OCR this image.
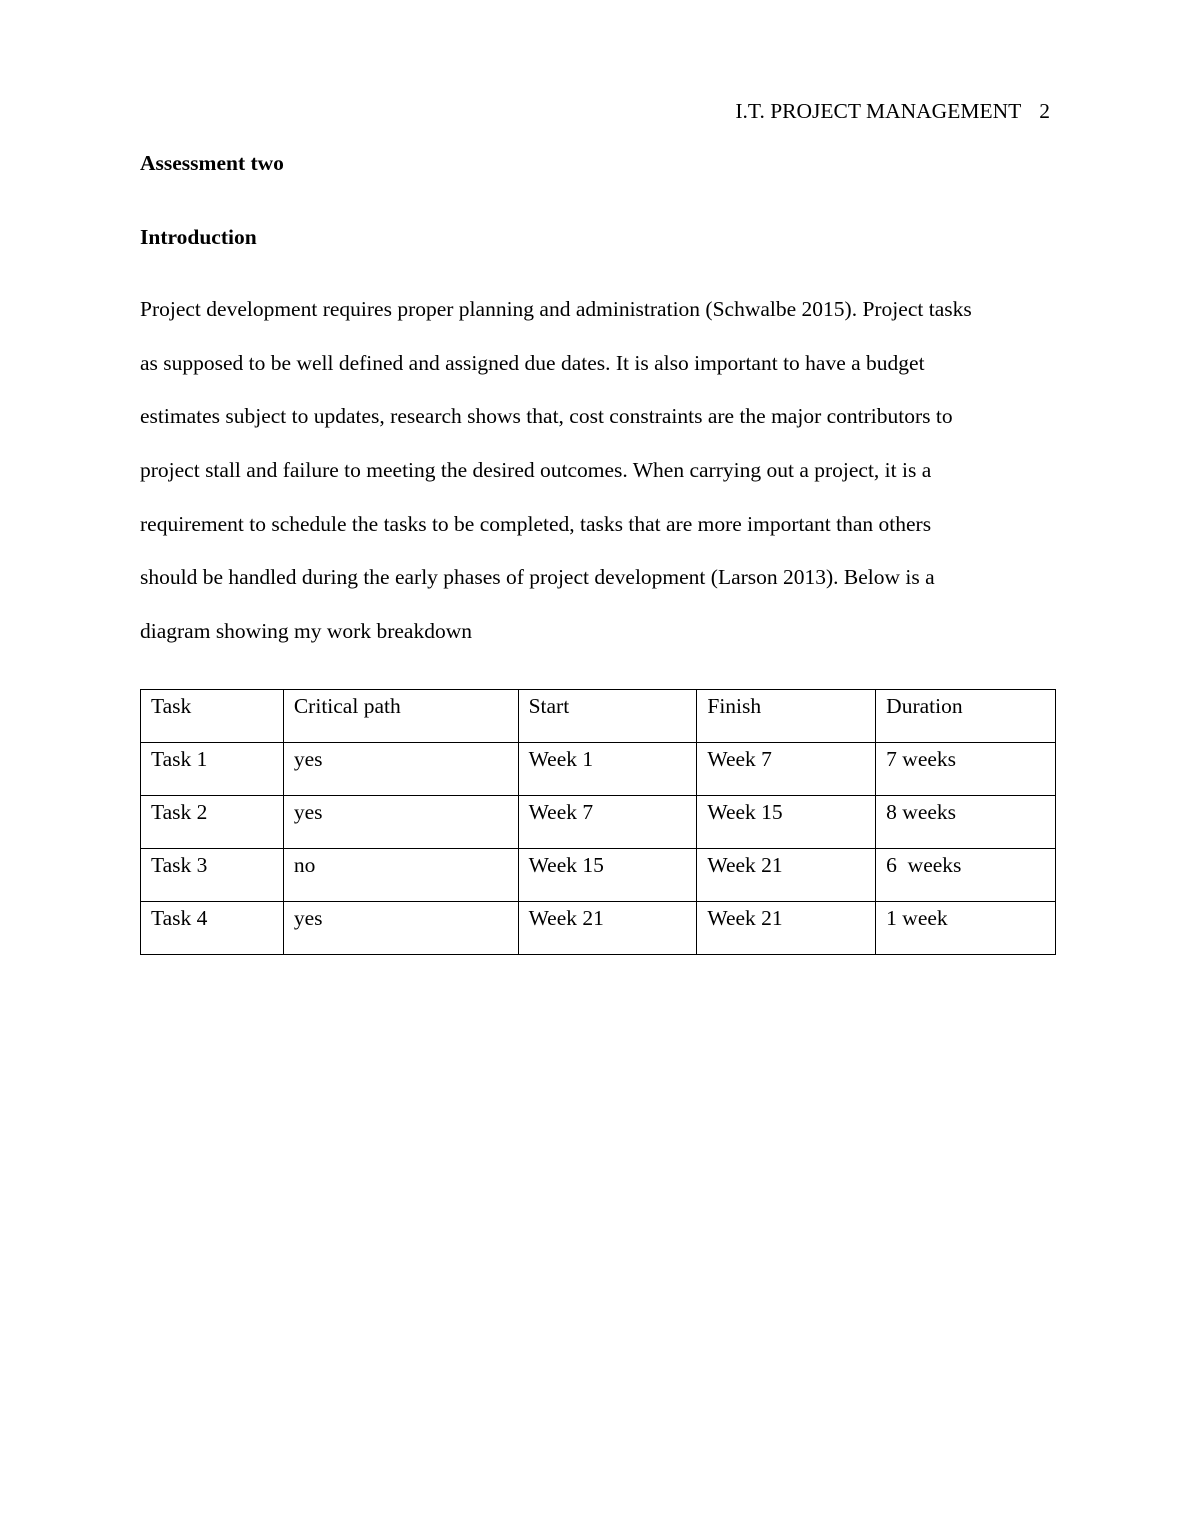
I.T. PROJECT MANAGEMENT 2
Assessment two
Introduction

Project development requires proper planning and administration (Schwalbe 2015). Project tasks
as supposed to be well defined and assigned due dates. It is also important to have a budget
estimates subject to updates, research shows that, cost constraints are the major contributors to
project stall and failure to meeting the desired outcomes. When carrying out a project, it is a
requirement to schedule the tasks to be completed, tasks that are more important than others
should be handled during the early phases of project development (Larson 2013). Below is a
diagram showing my work breakdown

Task	Critical path	Start	Finish	Duration
Task 1	yes	Week 1	Week 7	7 weeks
Task 2	yes	Week 7	Week 15	8 weeks
Task 3	no	Week 15	Week 21	6  weeks
Task 4	yes	Week 21	Week 21	1 week
